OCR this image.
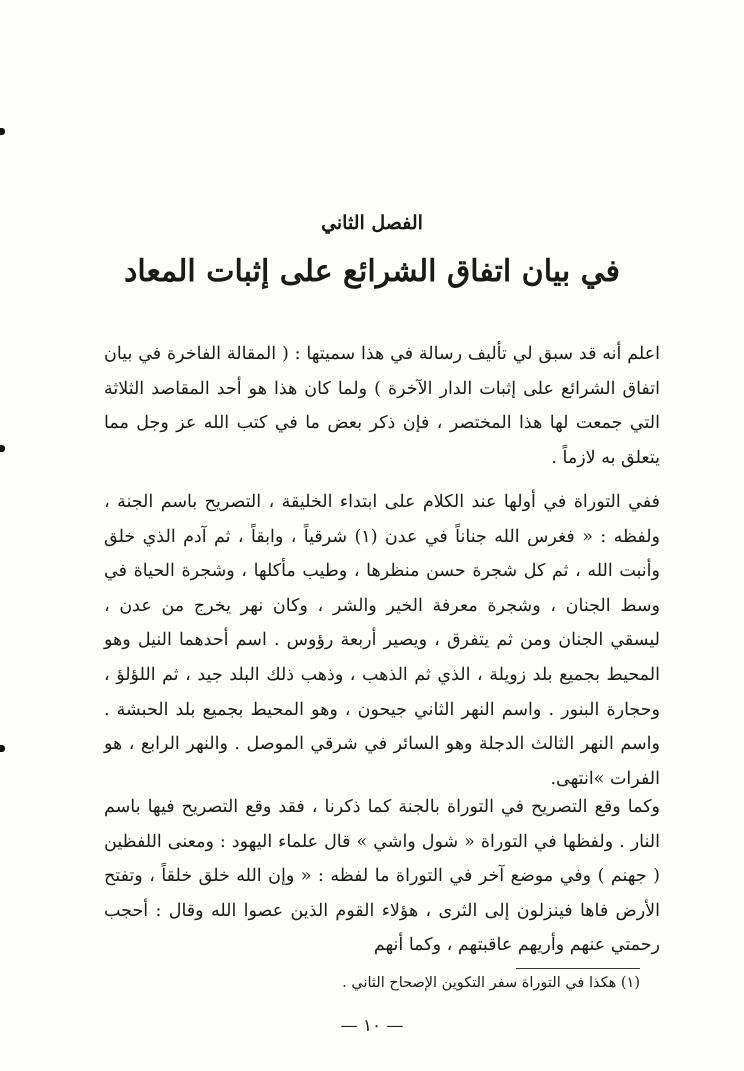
الفصل الثاني
في بيان اتفاق الشرائع على إثبات المعاد

اعلم أنه قد سبق لي تأليف رسالة في هذا سميتها : ( المقالة الفاخرة في بيان اتفاق الشرائع على إثبات الدار الآخرة ) ولما كان هذا هو أحد المقاصد الثلاثة التي جمعت لها هذا المختصر ، فإن ذكر بعض ما في كتب الله عز وجل مما يتعلق به لازماً .

ففي التوراة في أولها عند الكلام على ابتداء الخليقة ، التصريح باسم الجنة ، ولفظه : « فغرس الله جناناً في عدن (١) شرقياً ، وابقاً ، ثم آدم الذي خلق وأنبت الله ، ثم كل شجرة حسن منظرها ، وطيب مأكلها ، وشجرة الحياة في وسط الجنان ، وشجرة معرفة الخير والشر ، وكان نهر يخرج من عدن ، ليسقي الجنان ومن ثم يتفرق ، ويصير أربعة رؤوس . اسم أحدهما النيل وهو المحيط بجميع بلد زويلة ، الذي ثم الذهب ، وذهب ذلك البلد جيد ، ثم اللؤلؤ ، وحجارة البنور . واسم النهر الثاني جيحون ، وهو المحيط بجميع بلد الحبشة . واسم النهر الثالث الدجلة وهو السائر في شرقي الموصل . والنهر الرابع ، هو الفرات »انتهى.

وكما وقع التصريح في التوراة بالجنة كما ذكرنا ، فقد وقع التصريح فيها باسم النار . ولفظها في التوراة « شول واشي » قال علماء اليهود : ومعنى اللفظين ( جهنم ) وفي موضع آخر في التوراة ما لفظه : « وإن الله خلق خلقاً ، وتفتح الأرض فاها فينزلون إلى الثرى ، هؤلاء القوم الذين عصوا الله وقال : أحجب رحمتي عنهم وأريهم عاقبتهم ، وكما أنهم

(١) هكذا في التوراة سفر التكوين الإصحاح الثاني .
— ١٠ —
